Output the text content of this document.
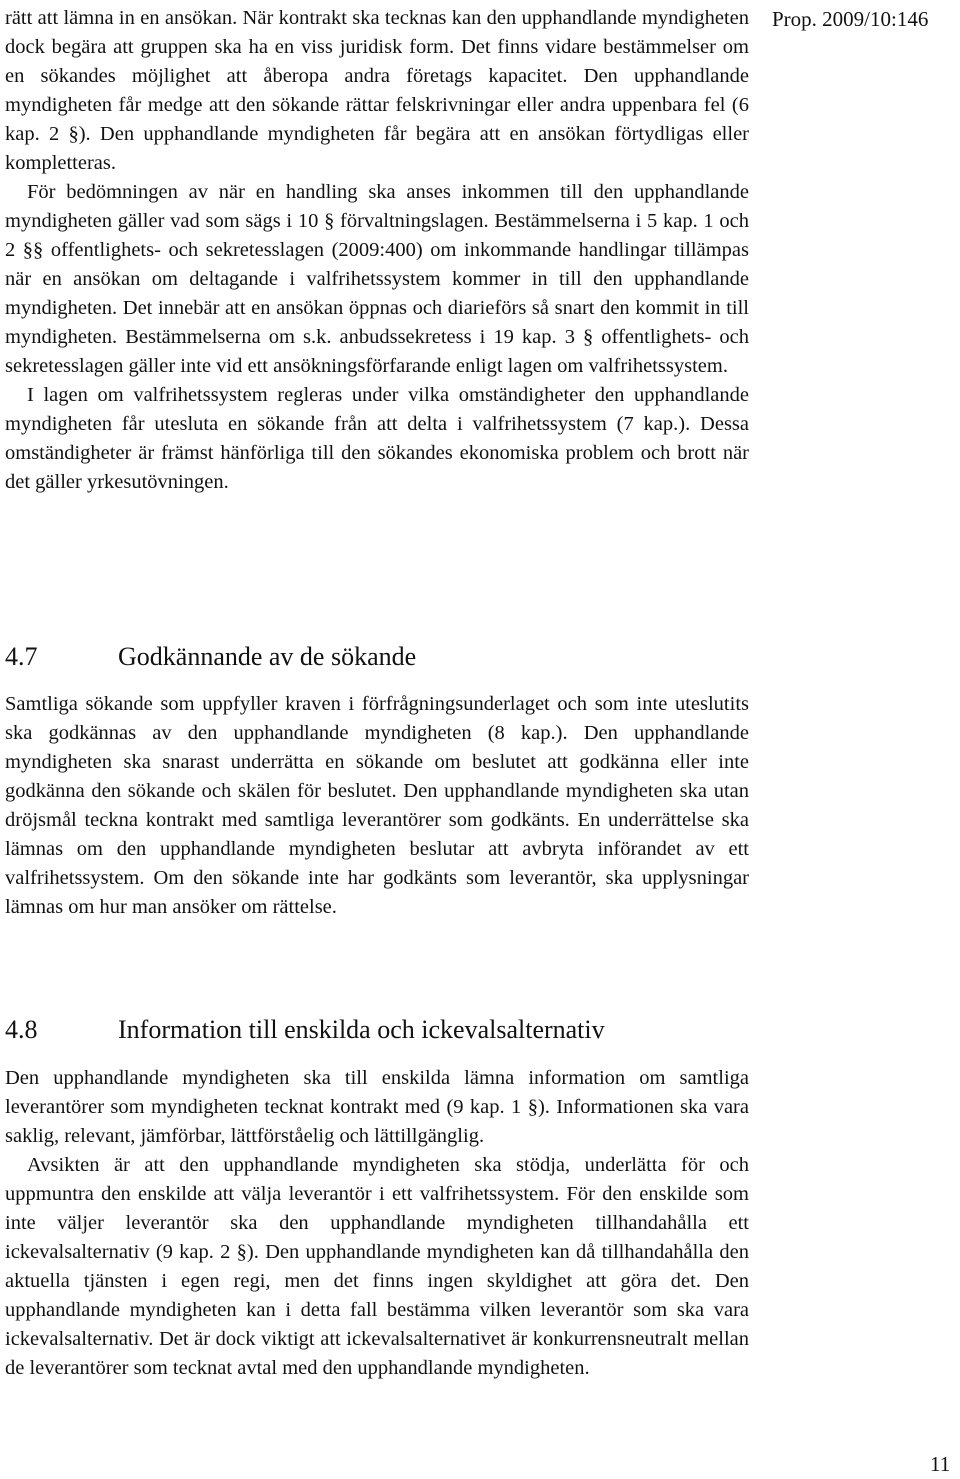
Prop. 2009/10:146

rätt att lämna in en ansökan. När kontrakt ska tecknas kan den upphandlande myndigheten dock begära att gruppen ska ha en viss juridisk form. Det finns vidare bestämmelser om en sökandes möjlighet att åberopa andra företags kapacitet. Den upphandlande myndigheten får medge att den sökande rättar felskrivningar eller andra uppenbara fel (6 kap. 2 §). Den upphandlande myndigheten får begära att en ansökan förtydligas eller kompletteras.

För bedömningen av när en handling ska anses inkommen till den upphandlande myndigheten gäller vad som sägs i 10 § förvaltningslagen. Bestämmelserna i 5 kap. 1 och 2 §§ offentlighets- och sekretesslagen (2009:400) om inkommande handlingar tillämpas när en ansökan om deltagande i valfrihetssystem kommer in till den upphandlande myndigheten. Det innebär att en ansökan öppnas och diarieförs så snart den kommit in till myndigheten. Bestämmelserna om s.k. anbudssekretess i 19 kap. 3 § offentlighets- och sekretesslagen gäller inte vid ett ansökningsförfarande enligt lagen om valfrihetssystem.

I lagen om valfrihetssystem regleras under vilka omständigheter den upphandlande myndigheten får utesluta en sökande från att delta i valfrihetssystem (7 kap.). Dessa omständigheter är främst hänförliga till den sökandes ekonomiska problem och brott när det gäller yrkesutövningen.

4.7	Godkännande av de sökande

Samtliga sökande som uppfyller kraven i förfrågningsunderlaget och som inte uteslutits ska godkännas av den upphandlande myndigheten (8 kap.). Den upphandlande myndigheten ska snarast underrätta en sökande om beslutet att godkänna eller inte godkänna den sökande och skälen för beslutet. Den upphandlande myndigheten ska utan dröjsmål teckna kontrakt med samtliga leverantörer som godkänts. En underrättelse ska lämnas om den upphandlande myndigheten beslutar att avbryta införandet av ett valfrihetssystem. Om den sökande inte har godkänts som leverantör, ska upplysningar lämnas om hur man ansöker om rättelse.

4.8	Information till enskilda och ickevalsalternativ

Den upphandlande myndigheten ska till enskilda lämna information om samtliga leverantörer som myndigheten tecknat kontrakt med (9 kap. 1 §). Informationen ska vara saklig, relevant, jämförbar, lättförståelig och lättillgänglig.

Avsikten är att den upphandlande myndigheten ska stödja, underlätta för och uppmuntra den enskilde att välja leverantör i ett valfrihetssystem. För den enskilde som inte väljer leverantör ska den upphandlande myndigheten tillhandahålla ett ickevalsalternativ (9 kap. 2 §). Den upphandlande myndigheten kan då tillhandahålla den aktuella tjänsten i egen regi, men det finns ingen skyldighet att göra det. Den upphandlande myndigheten kan i detta fall bestämma vilken leverantör som ska vara ickevalsalternativ. Det är dock viktigt att ickevalsalternativet är konkurrensneutralt mellan de leverantörer som tecknat avtal med den upphandlande myndigheten.

11
